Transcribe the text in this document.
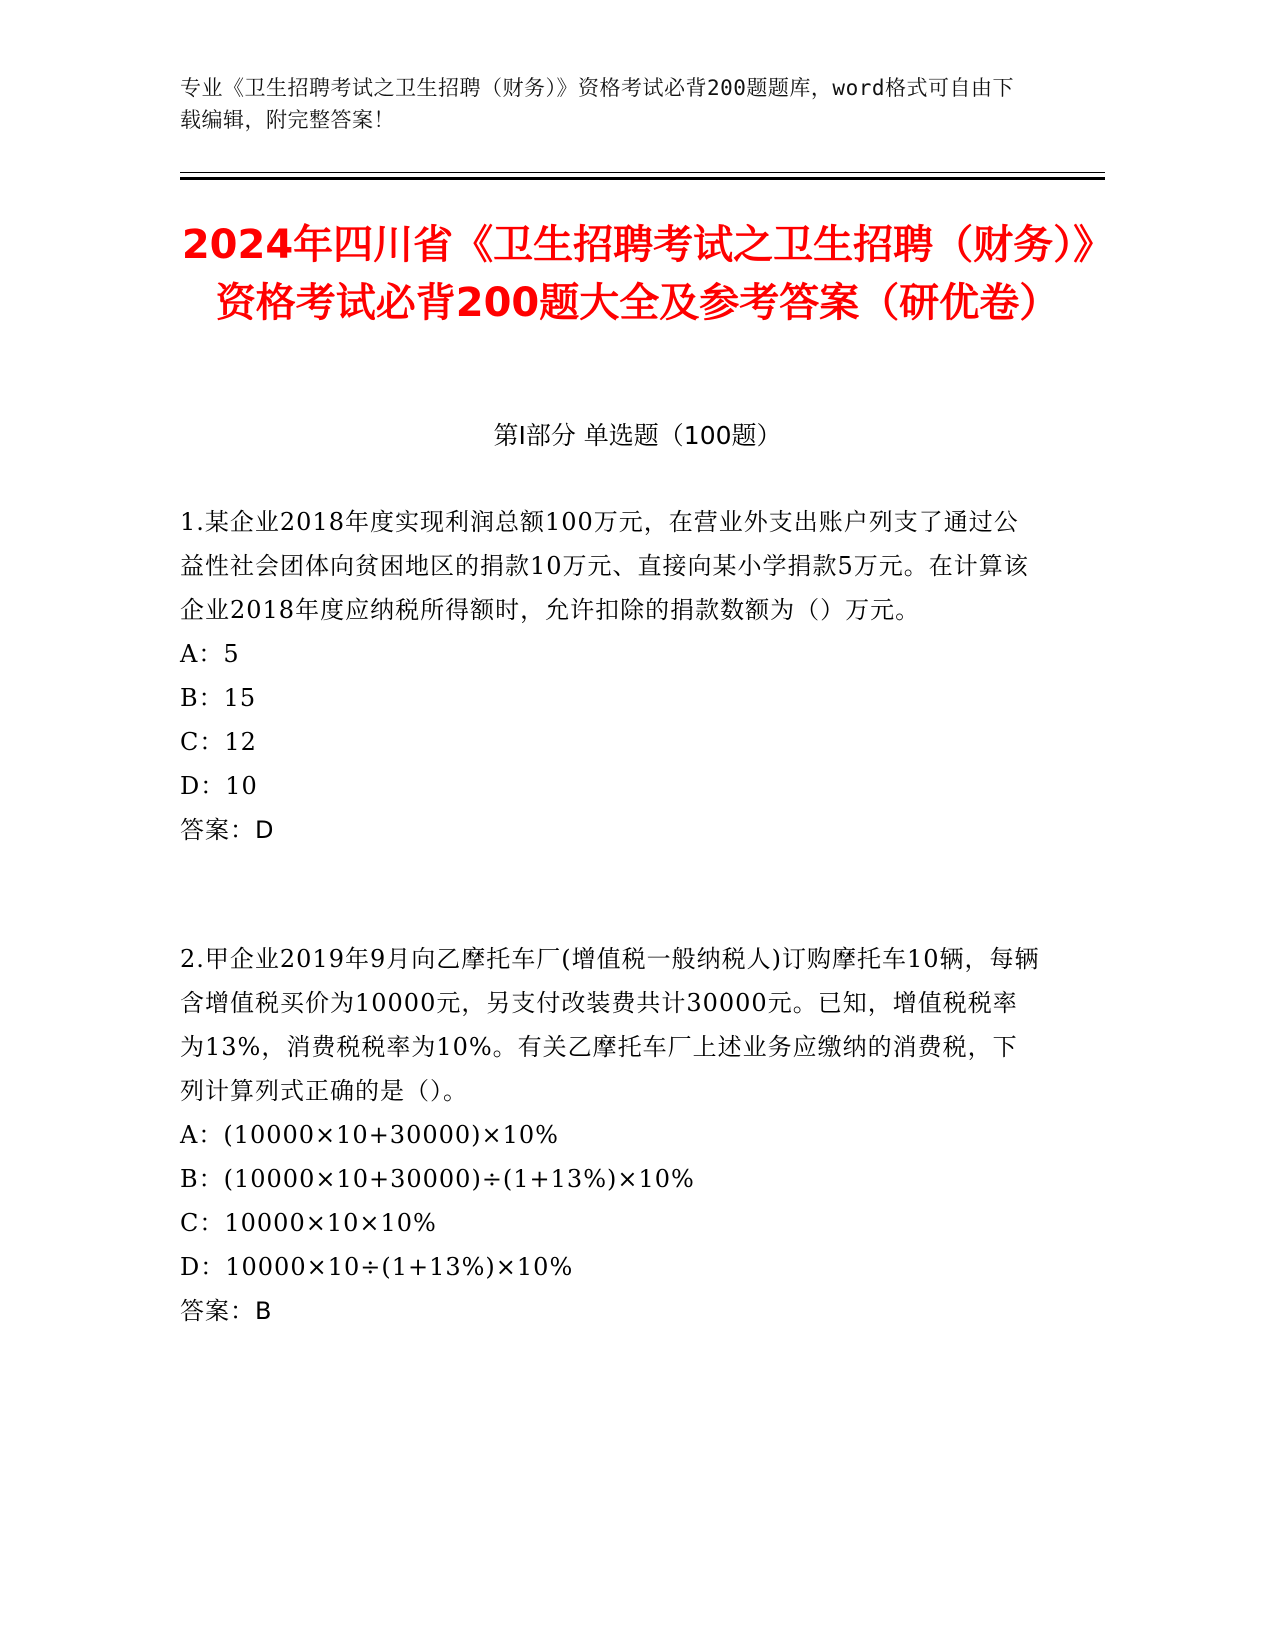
专业《卫生招聘考试之卫生招聘（财务）》资格考试必背200题题库，word格式可自由下载编辑，附完整答案！
2024年四川省《卫生招聘考试之卫生招聘（财务）》资格考试必背200题大全及参考答案（研优卷）
第I部分 单选题（100题）

1.某企业2018年度实现利润总额100万元，在营业外支出账户列支了通过公益性社会团体向贫困地区的捐款10万元、直接向某小学捐款5万元。在计算该企业2018年度应纳税所得额时，允许扣除的捐款数额为（）万元。

A：5

B：15

C：12

D：10

答案：D

2.甲企业2019年9月向乙摩托车厂(增值税一般纳税人)订购摩托车10辆，每辆含增值税买价为10000元，另支付改装费共计30000元。已知，增值税税率为13%，消费税税率为10%。有关乙摩托车厂上述业务应缴纳的消费税，下列计算列式正确的是（）。

A：(10000×10+30000)×10%

B：(10000×10+30000)÷(1+13%)×10%

C：10000×10×10%

D：10000×10÷(1+13%)×10%

答案：B
